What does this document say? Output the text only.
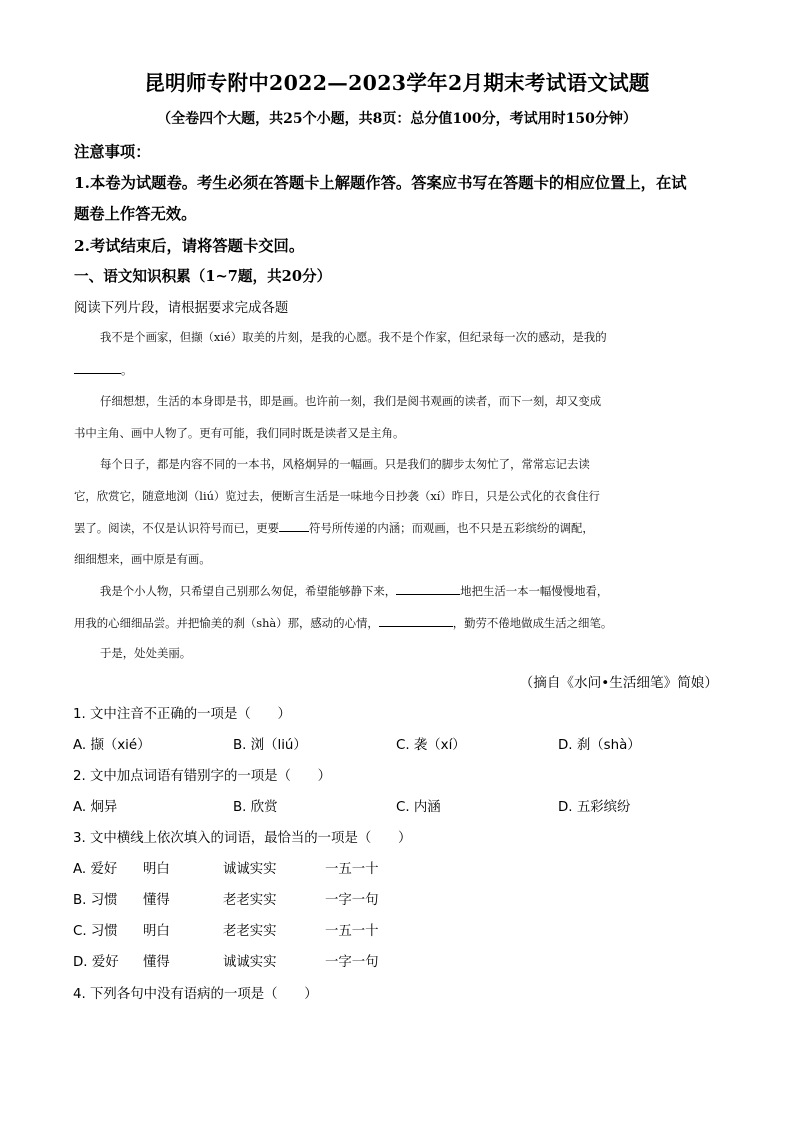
昆明师专附中2022—2023学年2月期末考试语文试题
（全卷四个大题，共25个小题，共8页：总分值100分，考试用时150分钟）
注意事项：
1.本卷为试题卷。考生必须在答题卡上解题作答。答案应书写在答题卡的相应位置上，在试
题卷上作答无效。
2.考试结束后，请将答题卡交回。
一、语文知识积累（1~7题，共20分）
阅读下列片段，请根据要求完成各题
我不是个画家，但撷（xié）取美的片刻，是我的心愿。我不是个作家，但纪录每一次的感动，是我的
。
仔细想想，生活的本身即是书，即是画。也许前一刻，我们是阅书观画的读者，而下一刻，却又变成
书中主角、画中人物了。更有可能，我们同时既是读者又是主角。
每个日子，都是内容不同的一本书，风格炯异的一幅画。只是我们的脚步太匆忙了，常常忘记去读
它，欣赏它，随意地浏（liú）览过去，便断言生活是一味地今日抄袭（xí）昨日，只是公式化的衣食住行
罢了。阅读，不仅是认识符号而已，更要	符号所传递的内涵；而观画，也不只是五彩缤纷的调配，
细细想来，画中原是有画。
我是个小人物，只希望自己别那么匆促，希望能够静下来，	地把生活一本一幅慢慢地看，
用我的心细细品尝。并把愉美的刹（shà）那，感动的心情，	，勤劳不倦地做成生活之细笔。
于是，处处美丽。
（摘自《水问•生活细笔》简娘）
1. 文中注音不正确的一项是（　　）
A. 撷（xié）	B. 浏（liú）	C. 袭（xí）	D. 刹（shà）
2. 文中加点词语有错别字的一项是（　　）
A. 炯异	B. 欣赏	C. 内涵	D. 五彩缤纷
3. 文中横线上依次填入的词语，最恰当的一项是（　　）
A. 爱好 明白	诚诚实实	一五一十
B. 习惯 懂得	老老实实	一字一句
C. 习惯 明白	老老实实	一五一十
D. 爱好 懂得	诚诚实实	一字一句
4. 下列各句中没有语病的一项是（　　）
